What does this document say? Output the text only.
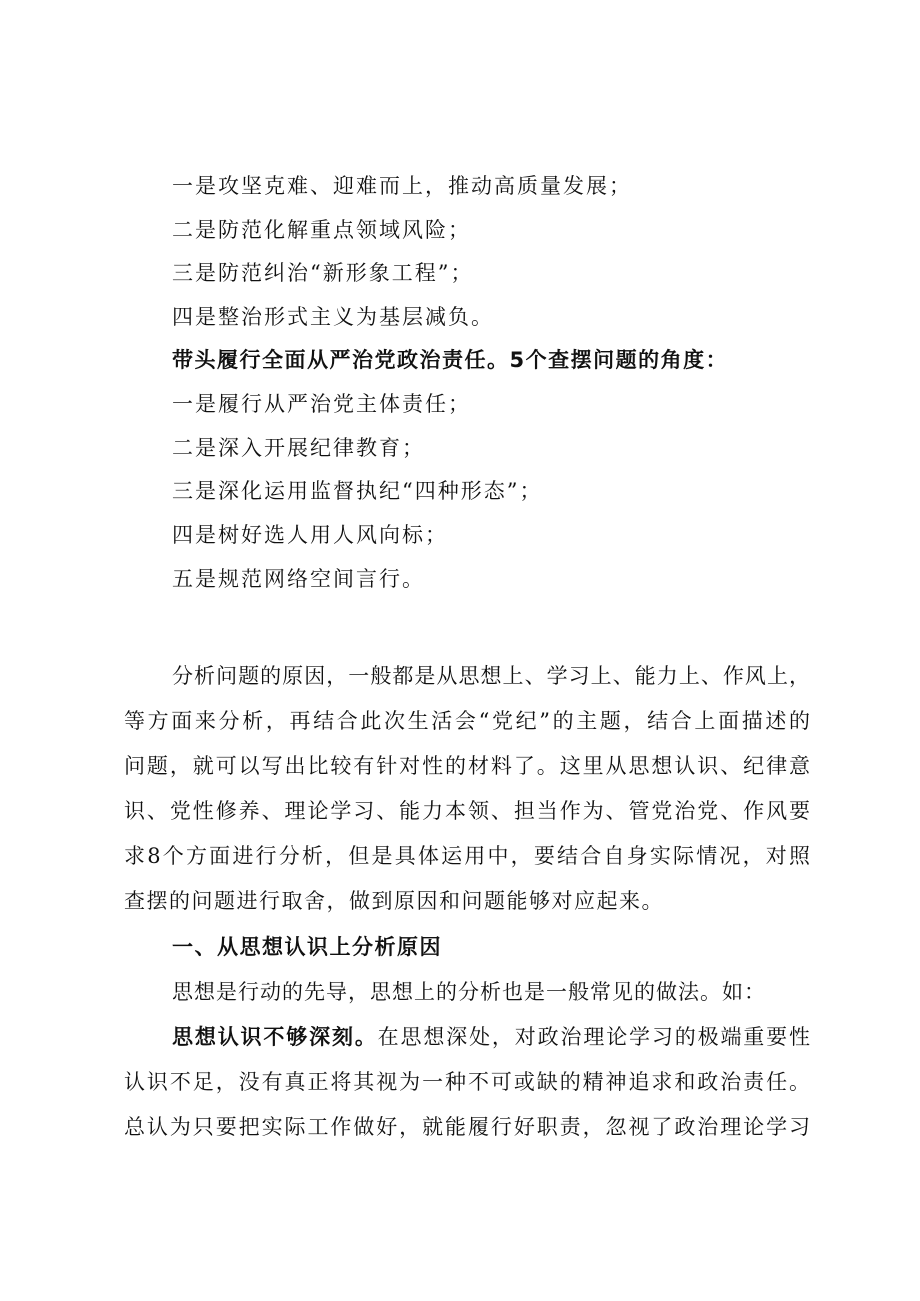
一是攻坚克难、迎难而上，推动高质量发展；
二是防范化解重点领域风险；
三是防范纠治“新形象工程”；
四是整治形式主义为基层减负。
带头履行全面从严治党政治责任。5个查摆问题的角度：
一是履行从严治党主体责任；
二是深入开展纪律教育；
三是深化运用监督执纪“四种形态”；
四是树好选人用人风向标；
五是规范网络空间言行。
分析问题的原因，一般都是从思想上、学习上、能力上、作风上，
等方面来分析，再结合此次生活会“党纪”的主题，结合上面描述的
问题，就可以写出比较有针对性的材料了。这里从思想认识、纪律意
识、党性修养、理论学习、能力本领、担当作为、管党治党、作风要
求8个方面进行分析，但是具体运用中，要结合自身实际情况，对照
查摆的问题进行取舍，做到原因和问题能够对应起来。
一、从思想认识上分析原因
思想是行动的先导，思想上的分析也是一般常见的做法。如：
思想认识不够深刻。在思想深处，对政治理论学习的极端重要性
认识不足，没有真正将其视为一种不可或缺的精神追求和政治责任。
总认为只要把实际工作做好，就能履行好职责，忽视了政治理论学习
